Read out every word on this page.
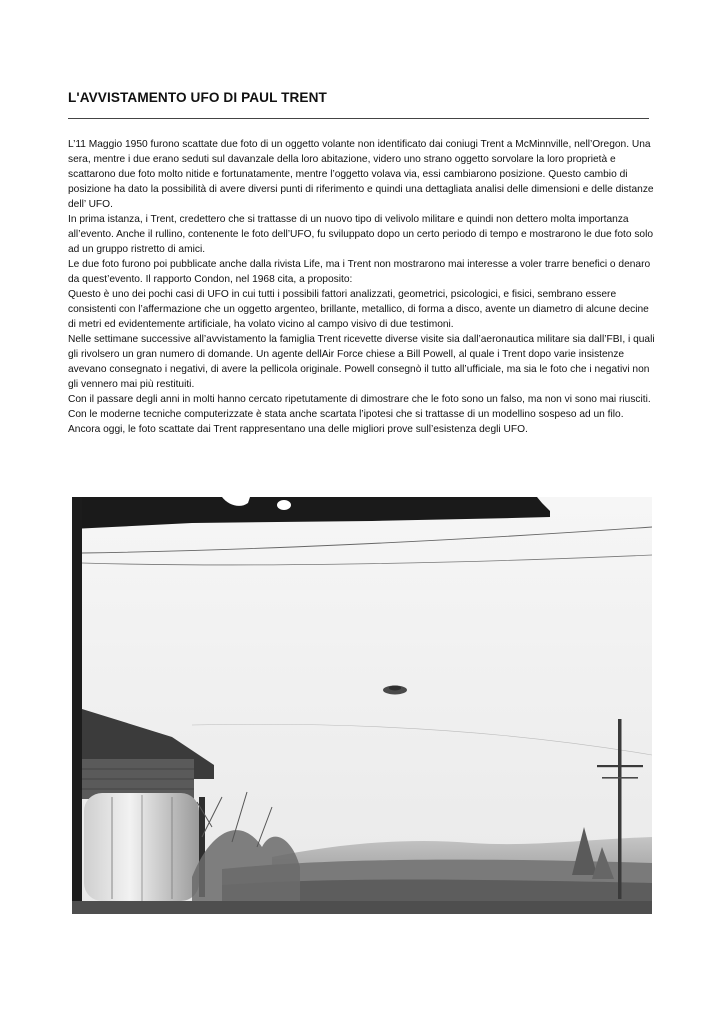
L'AVVISTAMENTO UFO DI PAUL TRENT

L’11 Maggio 1950 furono scattate due foto di un oggetto volante non identificato dai coniugi Trent a McMinnville, nell’Oregon. Una sera, mentre i due erano seduti sul davanzale della loro abitazione, videro uno strano oggetto sorvolare la loro proprietà e scattarono due foto molto nitide e fortunatamente, mentre l’oggetto volava via, essi cambiarono posizione. Questo cambio di posizione ha dato la possibilità di avere diversi punti di riferimento e quindi una dettagliata analisi delle dimensioni e delle distanze dell’ UFO.

In prima istanza, i Trent, credettero che si trattasse di un nuovo tipo di velivolo militare e quindi non dettero molta importanza all’evento. Anche il rullino, contenente le foto dell’UFO, fu sviluppato dopo un certo periodo di tempo e mostrarono le due foto solo ad un gruppo ristretto di amici.

Le due foto furono poi pubblicate anche dalla rivista Life, ma i Trent non mostrarono mai interesse a voler trarre benefici o denaro da quest’evento. Il rapporto Condon, nel 1968 cita, a proposito:

Questo è uno dei pochi casi di UFO in cui tutti i possibili fattori analizzati, geometrici, psicologici, e fisici, sembrano essere consistenti con l’affermazione che un oggetto argenteo, brillante, metallico, di forma a disco, avente un diametro di alcune decine di metri ed evidentemente artificiale, ha volato vicino al campo visivo di due testimoni.

Nelle settimane successive all’avvistamento la famiglia Trent ricevette diverse visite sia dall’aeronautica militare sia dall’FBI, i quali gli rivolsero un gran numero di domande. Un agente dellAir Force chiese a Bill Powell, al quale i Trent dopo varie insistenze avevano consegnato i negativi, di avere la pellicola originale. Powell consegnò il tutto all’ufficiale, ma sia le foto che i negativi non gli vennero mai più restituiti.

Con il passare degli anni in molti hanno cercato ripetutamente di dimostrare che le foto sono un falso, ma non vi sono mai riusciti. Con le moderne tecniche computerizzate è stata anche scartata l’ipotesi che si trattasse di un modellino sospeso ad un filo.

Ancora oggi, le foto scattate dai Trent rappresentano una delle migliori prove sull’esistenza degli UFO.
